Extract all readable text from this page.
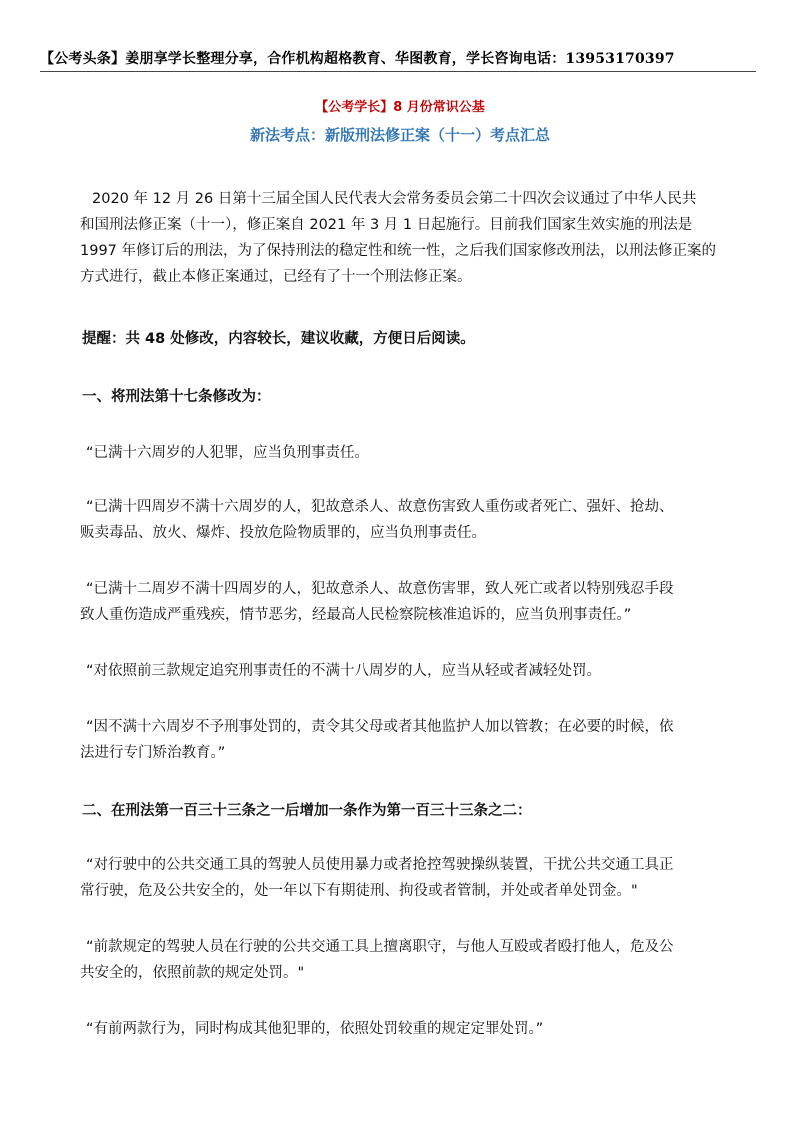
【公考头条】姜朋享学长整理分享，合作机构超格教育、华图教育，学长咨询电话：13953170397
【公考学长】8 月份常识公基
新法考点：新版刑法修正案（十一）考点汇总
2020 年 12 月 26 日第十三届全国人民代表大会常务委员会第二十四次会议通过了中华人民共
和国刑法修正案（十一），修正案自 2021 年 3 月 1 日起施行。目前我们国家生效实施的刑法是
1997 年修订后的刑法，为了保持刑法的稳定性和统一性，之后我们国家修改刑法，以刑法修正案的
方式进行，截止本修正案通过，已经有了十一个刑法修正案。
提醒：共 48 处修改，内容较长，建议收藏，方便日后阅读。
一、将刑法第十七条修改为：
“已满十六周岁的人犯罪，应当负刑事责任。
“已满十四周岁不满十六周岁的人，犯故意杀人、故意伤害致人重伤或者死亡、强奸、抢劫、
贩卖毒品、放火、爆炸、投放危险物质罪的，应当负刑事责任。
“已满十二周岁不满十四周岁的人，犯故意杀人、故意伤害罪，致人死亡或者以特别残忍手段
致人重伤造成严重残疾，情节恶劣，经最高人民检察院核准追诉的，应当负刑事责任。”
“对依照前三款规定追究刑事责任的不满十八周岁的人，应当从轻或者减轻处罚。
“因不满十六周岁不予刑事处罚的，责令其父母或者其他监护人加以管教；在必要的时候，依
法进行专门矫治教育。”
二、在刑法第一百三十三条之一后增加一条作为第一百三十三条之二：
“对行驶中的公共交通工具的驾驶人员使用暴力或者抢控驾驶操纵装置，干扰公共交通工具正
常行驶，危及公共安全的，处一年以下有期徒刑、拘役或者管制，并处或者单处罚金。"
“前款规定的驾驶人员在行驶的公共交通工具上擅离职守，与他人互殴或者殴打他人，危及公
共安全的，依照前款的规定处罚。"
“有前两款行为，同时构成其他犯罪的，依照处罚较重的规定定罪处罚。”
